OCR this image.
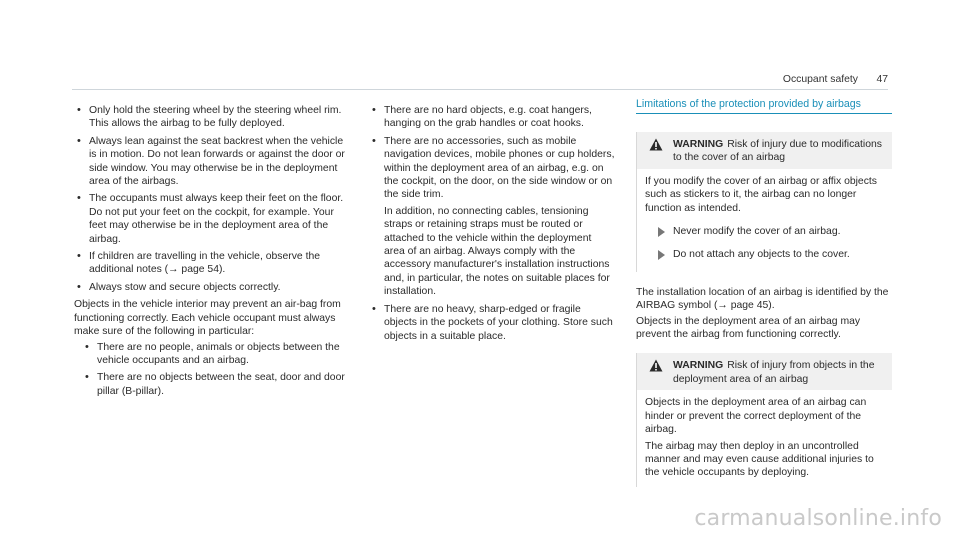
Occupant safety 47
• Only hold the steering wheel by the steering wheel rim. This allows the airbag to be fully deployed.
• Always lean against the seat backrest when the vehicle is in motion. Do not lean forwards or against the door or side window. You may otherwise be in the deployment area of the airbags.
• The occupants must always keep their feet on the floor. Do not put your feet on the cockpit, for example. Your feet may otherwise be in the deployment area of the airbag.
• If children are travelling in the vehicle, observe the additional notes (→ page 54).
• Always stow and secure objects correctly.

Objects in the vehicle interior may prevent an air-bag from functioning correctly. Each vehicle occupant must always make sure of the following in particular:

• There are no people, animals or objects between the vehicle occupants and an airbag.
• There are no objects between the seat, door and door pillar (B-pillar).
• There are no hard objects, e.g. coat hangers, hanging on the grab handles or coat hooks.
• There are no accessories, such as mobile navigation devices, mobile phones or cup holders, within the deployment area of an airbag, e.g. on the cockpit, on the door, on the side window or on the side trim.

In addition, no connecting cables, tensioning straps or retaining straps must be routed or attached to the vehicle within the deployment area of an airbag. Always comply with the accessory manufacturer's installation instructions and, in particular, the notes on suitable places for installation.

• There are no heavy, sharp-edged or fragile objects in the pockets of your clothing. Store such objects in a suitable place.
Limitations of the protection provided by airbags
WARNING Risk of injury due to modifications to the cover of an airbag

If you modify the cover of an airbag or affix objects such as stickers to it, the airbag can no longer function as intended.

Never modify the cover of an airbag.
Do not attach any objects to the cover.

The installation location of an airbag is identified by the AIRBAG symbol (→ page 45).

Objects in the deployment area of an airbag may prevent the airbag from functioning correctly.

WARNING Risk of injury from objects in the deployment area of an airbag

Objects in the deployment area of an airbag can hinder or prevent the correct deployment of the airbag.

The airbag may then deploy in an uncontrolled manner and may even cause additional injuries to the vehicle occupants by deploying.

carmanualsonline.info
